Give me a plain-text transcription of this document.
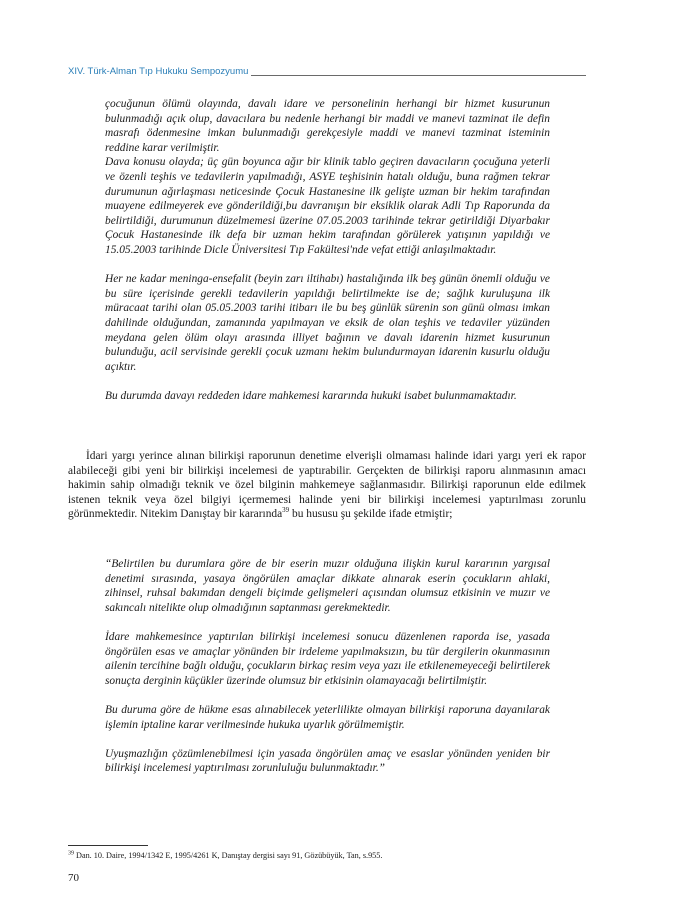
XIV. Türk-Alman Tıp Hukuku Sempozyumu

çocuğunun ölümü olayında, davalı idare ve personelinin herhangi bir hizmet kusurunun bulunmadığı açık olup, davacılara bu nedenle herhangi bir maddi ve manevi tazminat ile defin masrafı ödenmesine imkan bulunmadığı gerekçesiyle maddi ve manevi tazminat isteminin reddine karar verilmiştir.

Dava konusu olayda; üç gün boyunca ağır bir klinik tablo geçiren davacıların çocuğuna yeterli ve özenli teşhis ve tedavilerin yapılmadığı, ASYE teşhisinin hatalı olduğu, buna rağmen tekrar durumunun ağırlaşması neticesinde Çocuk Hastanesine ilk gelişte uzman bir hekim tarafından muayene edilmeyerek eve gönderildiği,bu davranışın bir eksiklik olarak Adli Tıp Raporunda da belirtildiği, durumunun düzelmemesi üzerine 07.05.2003 tarihinde tekrar getirildiği Diyarbakır Çocuk Hastanesinde ilk defa bir uzman hekim tarafından görülerek yatışının yapıldığı ve 15.05.2003 tarihinde Dicle Üniversitesi Tıp Fakültesi'nde vefat ettiği anlaşılmaktadır.

Her ne kadar meninga-ensefalit (beyin zarı iltihabı) hastalığında ilk beş günün önemli olduğu ve bu süre içerisinde gerekli tedavilerin yapıldığı belirtilmekte ise de; sağlık kuruluşuna ilk müracaat tarihi olan 05.05.2003 tarihi itibarı ile bu beş günlük sürenin son günü olması imkan dahilinde olduğundan, zamanında yapılmayan ve eksik de olan teşhis ve tedaviler yüzünden meydana gelen ölüm olayı arasında illiyet bağının ve davalı idarenin hizmet kusurunun bulunduğu, acil servisinde gerekli çocuk uzmanı hekim bulundurmayan idarenin kusurlu olduğu açıktır.

Bu durumda davayı reddeden idare mahkemesi kararında hukuki isabet bulunmamaktadır.

İdari yargı yerince alınan bilirkişi raporunun denetime elverişli olmaması halinde idari yargı yeri ek rapor alabileceği gibi yeni bir bilirkişi incelemesi de yaptırabilir. Gerçekten de bilirkişi raporu alınmasının amacı hakimin sahip olmadığı teknik ve özel bilginin mahkemeye sağlanmasıdır. Bilirkişi raporunun elde edilmek istenen teknik veya özel bilgiyi içermemesi halinde yeni bir bilirkişi incelemesi yaptırılması zorunlu görünmektedir. Nitekim Danıştay bir kararında$^{39}$ bu hususu şu şekilde ifade etmiştir;

“Belirtilen bu durumlara göre de bir eserin muzır olduğuna ilişkin kurul kararının yargısal denetimi sırasında, yasaya öngörülen amaçlar dikkate alınarak eserin çocukların ahlaki, zihinsel, ruhsal bakımdan dengeli biçimde gelişmeleri açısından olumsuz etkisinin ve muzır ve sakıncalı nitelikte olup olmadığının saptanması gerekmektedir.

İdare mahkemesince yaptırılan bilirkişi incelemesi sonucu düzenlenen raporda ise, yasada öngörülen esas ve amaçlar yönünden bir irdeleme yapılmaksızın, bu tür dergilerin okunmasının ailenin tercihine bağlı olduğu, çocukların birkaç resim veya yazı ile etkilenemeyeceği belirtilerek sonuçta derginin küçükler üzerinde olumsuz bir etkisinin olamayacağı belirtilmiştir.

Bu duruma göre de hükme esas alınabilecek yeterlilikte olmayan bilirkişi raporuna dayanılarak işlemin iptaline karar verilmesinde hukuka uyarlık görülmemiştir.

Uyuşmazlığın çözümlenebilmesi için yasada öngörülen amaç ve esaslar yönünden yeniden bir bilirkişi incelemesi yaptırılması zorunluluğu bulunmaktadır.”

$^{39}$ Dan. 10. Daire, 1994/1342 E, 1995/4261 K, Danıştay dergisi sayı 91, Gözübüyük, Tan, s.955.
70
